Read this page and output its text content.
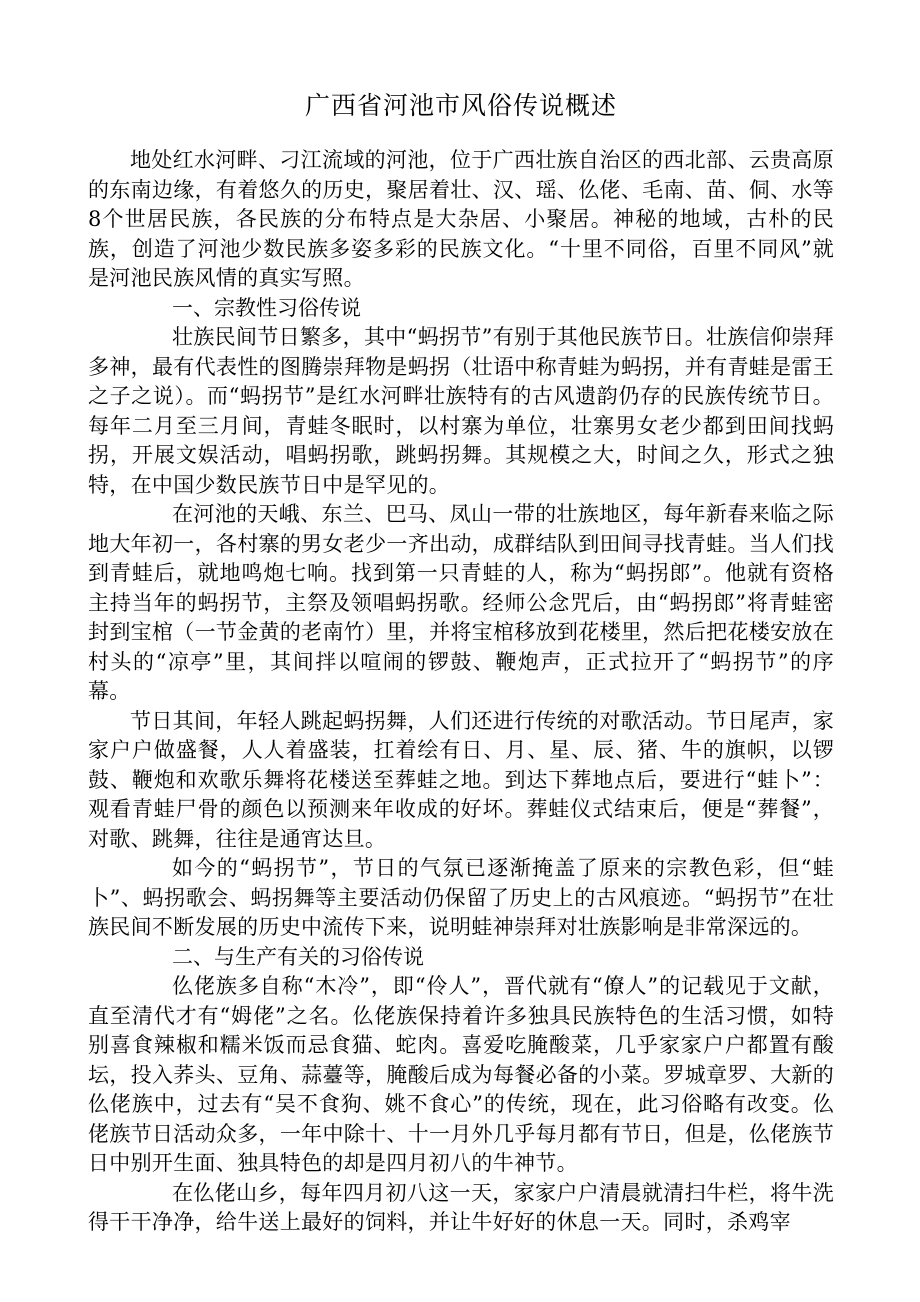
广西省河池市风俗传说概述

地处红水河畔、刁江流域的河池，位于广西壮族自治区的西北部、云贵高原的东南边缘，有着悠久的历史，聚居着壮、汉、瑶、仫佬、毛南、苗、侗、水等8个世居民族，各民族的分布特点是大杂居、小聚居。神秘的地域，古朴的民族，创造了河池少数民族多姿多彩的民族文化。“十里不同俗，百里不同风”就是河池民族风情的真实写照。

一、宗教性习俗传说

壮族民间节日繁多，其中“蚂拐节”有别于其他民族节日。壮族信仰崇拜多神，最有代表性的图腾崇拜物是蚂拐（壮语中称青蛙为蚂拐，并有青蛙是雷王之子之说）。而“蚂拐节”是红水河畔壮族特有的古风遗韵仍存的民族传统节日。每年二月至三月间，青蛙冬眠时，以村寨为单位，壮寨男女老少都到田间找蚂拐，开展文娱活动，唱蚂拐歌，跳蚂拐舞。其规模之大，时间之久，形式之独特，在中国少数民族节日中是罕见的。

在河池的天峨、东兰、巴马、凤山一带的壮族地区，每年新春来临之际地大年初一，各村寨的男女老少一齐出动，成群结队到田间寻找青蛙。当人们找到青蛙后，就地鸣炮七响。找到第一只青蛙的人，称为“蚂拐郎”。他就有资格主持当年的蚂拐节，主祭及领唱蚂拐歌。经师公念咒后，由“蚂拐郎”将青蛙密封到宝棺（一节金黄的老南竹）里，并将宝棺移放到花楼里，然后把花楼安放在村头的“凉亭”里，其间拌以喧闹的锣鼓、鞭炮声，正式拉开了“蚂拐节”的序幕。

节日其间，年轻人跳起蚂拐舞，人们还进行传统的对歌活动。节日尾声，家家户户做盛餐，人人着盛装，扛着绘有日、月、星、辰、猪、牛的旗帜，以锣鼓、鞭炮和欢歌乐舞将花楼送至葬蛙之地。到达下葬地点后，要进行“蛙卜”：观看青蛙尸骨的颜色以预测来年收成的好坏。葬蛙仪式结束后，便是“葬餐”，对歌、跳舞，往往是通宵达旦。

如今的“蚂拐节”，节日的气氛已逐渐掩盖了原来的宗教色彩，但“蛙卜”、蚂拐歌会、蚂拐舞等主要活动仍保留了历史上的古风痕迹。“蚂拐节”在壮族民间不断发展的历史中流传下来，说明蛙神崇拜对壮族影响是非常深远的。

二、与生产有关的习俗传说

仫佬族多自称“木冷”，即“伶人”，晋代就有“僚人”的记载见于文献，直至清代才有“姆佬”之名。仫佬族保持着许多独具民族特色的生活习惯，如特别喜食辣椒和糯米饭而忌食猫、蛇肉。喜爱吃腌酸菜，几乎家家户户都置有酸坛，投入荞头、豆角、蒜薹等，腌酸后成为每餐必备的小菜。罗城章罗、大新的仫佬族中，过去有“吴不食狗、姚不食心”的传统，现在，此习俗略有改变。仫佬族节日活动众多，一年中除十、十一月外几乎每月都有节日，但是，仫佬族节日中别开生面、独具特色的却是四月初八的牛神节。

在仫佬山乡，每年四月初八这一天，家家户户清晨就清扫牛栏，将牛洗得干干净净，给牛送上最好的饲料，并让牛好好的休息一天。同时，杀鸡宰
